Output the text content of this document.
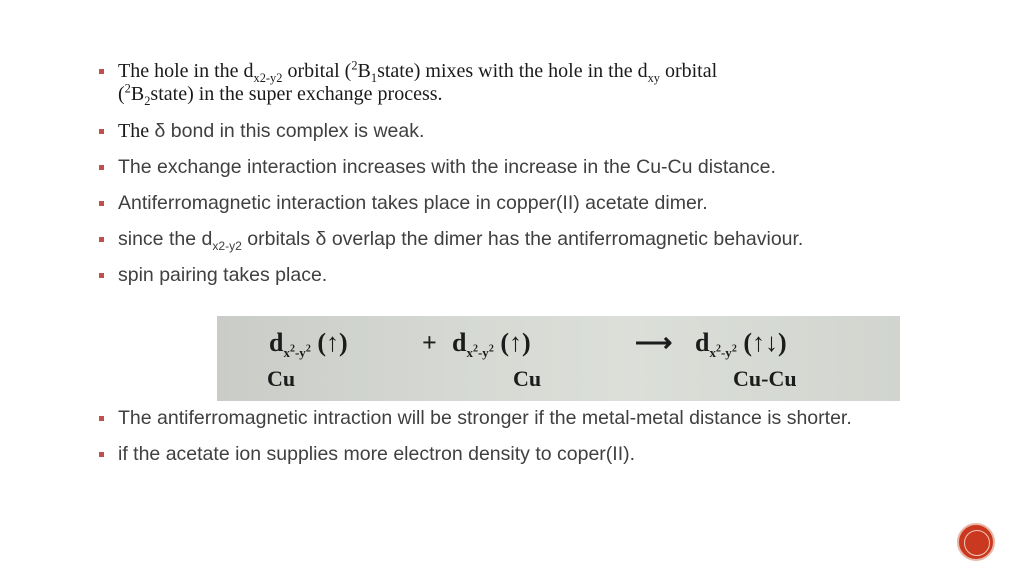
The hole in the $d_{x2-y2}$ orbital $(^2B_1state)$ mixes with the hole in the $d_{xy}$ orbital
$(^2B_2state)$ in the super exchange process.
The δ bond in this complex is weak.
The exchange interaction increases with the increase in the Cu-Cu distance.
Antiferromagnetic interaction takes place in copper(II) acetate dimer.
since the $d_{x2-y2}$ orbitals δ overlap the dimer has the antiferromagnetic behaviour.
spin pairing takes place.
The antiferromagnetic intraction will be stronger if the metal-metal distance is shorter.
if the acetate ion supplies more electron density to coper(II).
$d_{x^2-y^2}$ (↑)	+ $d_{x^2-y^2}$ (↑)	⟶ $d_{x^2-y^2}$ (↑↓)
Cu	Cu	Cu-Cu
